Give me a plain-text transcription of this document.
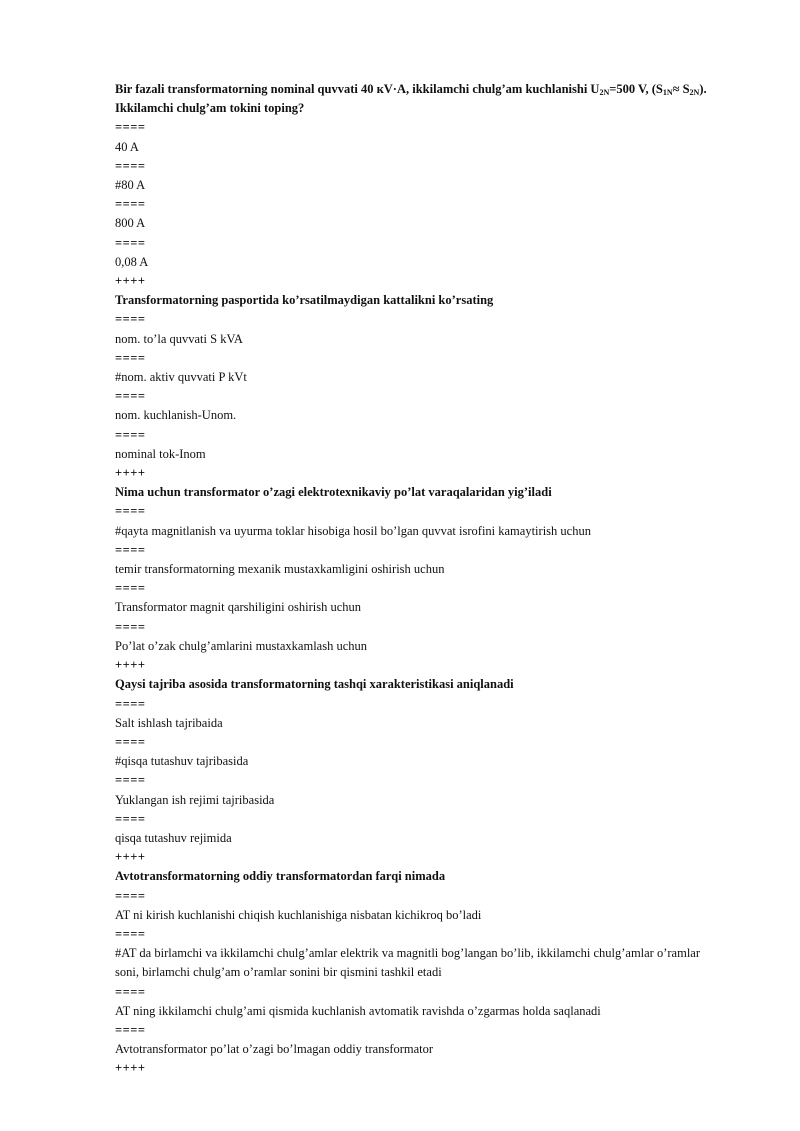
Bir fazali transformatorning nominal quvvati 40 кV·A, ikkilamchi chulg’am kuchlanishi $U_{2N}=500$ V, $(S_{1N}\approx S_{2N})$. Ikkilamchi chulg’am tokini toping?
====
40 A
====
#80 A
====
800 A
====
0,08 A
++++
Transformatorning pasportida ko’rsatilmaydigan kattalikni ko’rsating
====
nom. to’la quvvati S kVA
====
#nom. aktiv quvvati P kVt
====
nom. kuchlanish-Unom.
====
nominal tok-Inom
++++
Nima uchun transformator o’zagi elektrotexnikaviy po’lat varaqalaridan yig’iladi
====
#qayta magnitlanish va uyurma toklar hisobiga hosil bo’lgan quvvat isrofini kamaytirish uchun
====
temir transformatorning mexanik mustaxkamligini oshirish uchun
====
Transformator magnit qarshiligini oshirish uchun
====
Po’lat o’zak chulg’amlarini mustaxkamlash uchun
++++
Qaysi tajriba asosida transformatorning tashqi xarakteristikasi aniqlanadi
====
Salt ishlash tajribaida
====
#qisqa tutashuv tajribasida
====
Yuklangan ish rejimi tajribasida
====
qisqa tutashuv rejimida
++++
Avtotransformatorning oddiy transformatordan farqi nimada
====
AT ni kirish kuchlanishi chiqish kuchlanishiga nisbatan kichikroq bo’ladi
====
#AT da birlamchi va ikkilamchi chulg’amlar elektrik va magnitli bog’langan bo’lib, ikkilamchi chulg’amlar o’ramlar soni, birlamchi chulg’am o’ramlar sonini bir qismini tashkil etadi
====
AT ning ikkilamchi chulg’ami qismida kuchlanish avtomatik ravishda o’zgarmas holda saqlanadi
====
Avtotransformator po’lat o’zagi bo’lmagan oddiy transformator
++++
